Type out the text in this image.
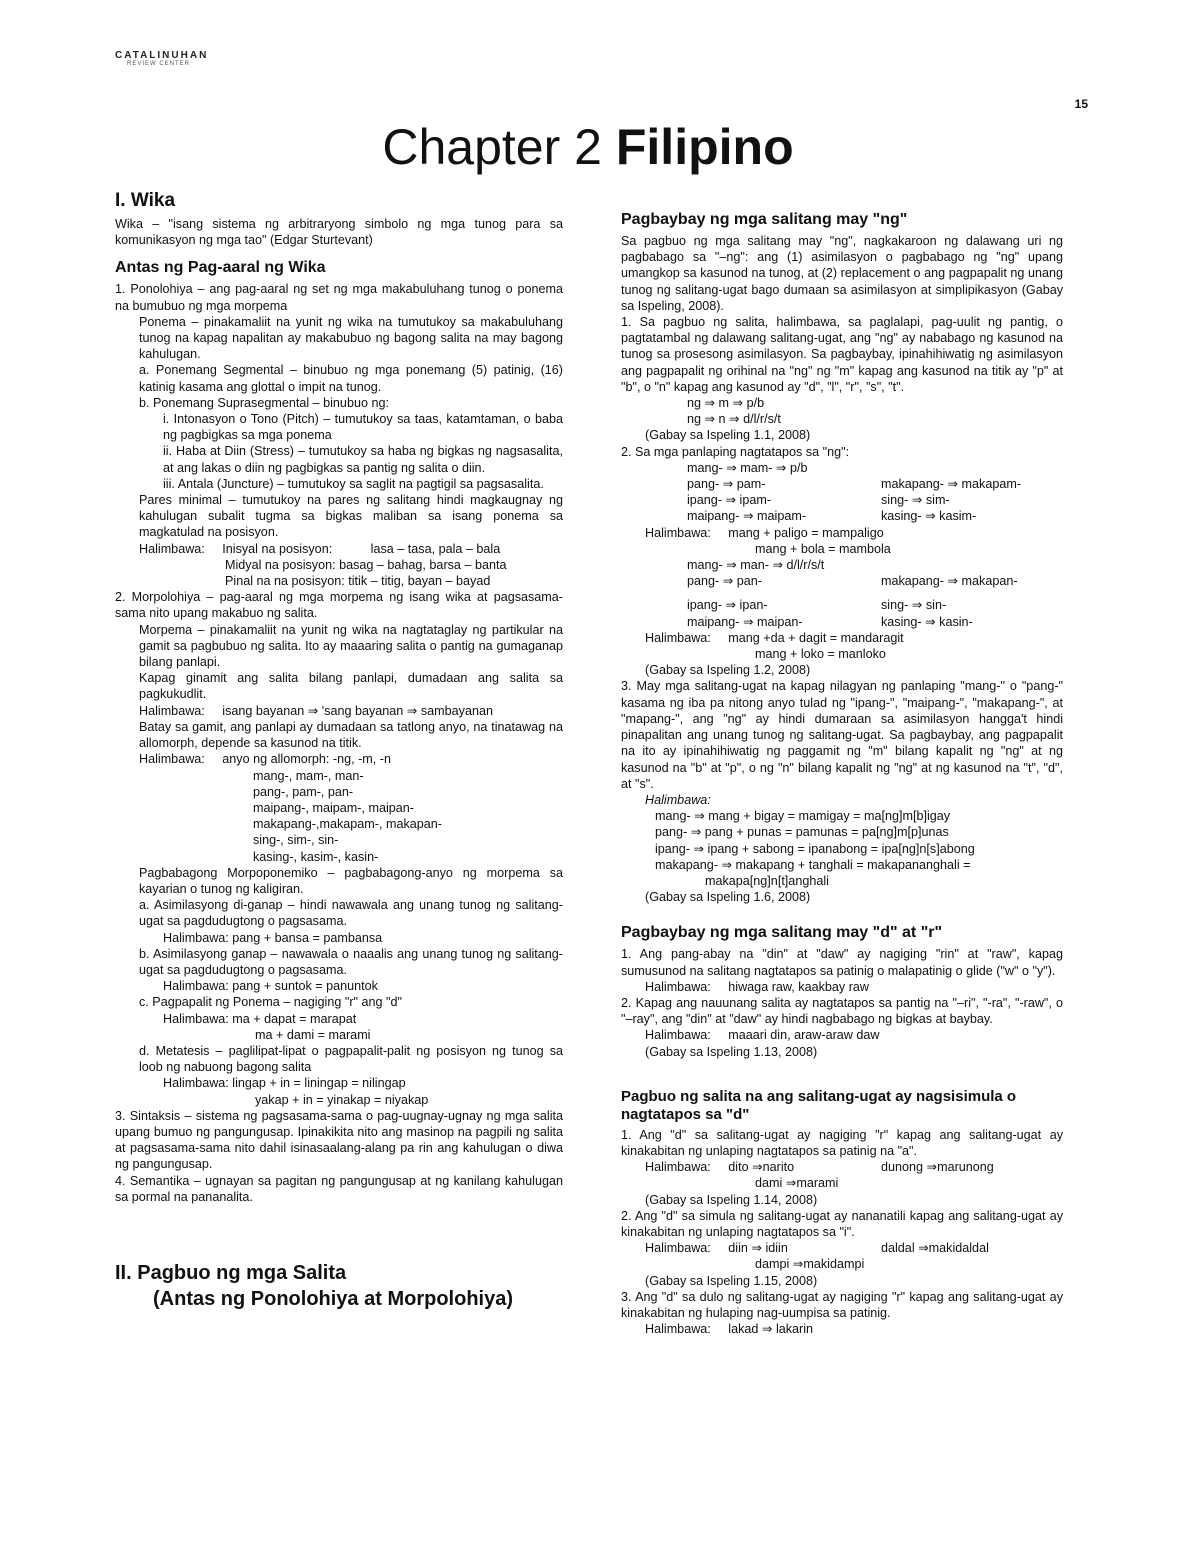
CATALINUHAN
REVIEW CENTER
15
Chapter 2 Filipino
I. Wika

Wika – "isang sistema ng arbitraryong simbolo ng mga tunog para sa komunikasyon ng mga tao" (Edgar Sturtevant)

Antas ng Pag-aaral ng Wika

1. Ponolohiya – ang pag-aaral ng set ng mga makabuluhang tunog o ponema na bumubuo ng mga morpema

Ponema – pinakamaliit na yunit ng wika na tumutukoy sa makabuluhang tunog na kapag napalitan ay makabubuo ng bagong salita na may bagong kahulugan.

a. Ponemang Segmental – binubuo ng mga ponemang (5) patinig, (16) katinig kasama ang glottal o impit na tunog.

b. Ponemang Suprasegmental – binubuo ng:

i. Intonasyon o Tono (Pitch) – tumutukoy sa taas, katamtaman, o baba ng pagbigkas sa mga ponema

ii. Haba at Diin (Stress) – tumutukoy sa haba ng bigkas ng nagsasalita, at ang lakas o diin ng pagbigkas sa pantig ng salita o diin.

iii. Antala (Juncture) – tumutukoy sa saglit na pagtigil sa pagsasalita.

Pares minimal – tumutukoy na pares ng salitang hindi magkaugnay ng kahulugan subalit tugma sa bigkas maliban sa isang ponema sa magkatulad na posisyon.

Halimbawa:     Inisyal na posisyon:           lasa – tasa, pala – bala

Midyal na posisyon: basag – bahag, barsa – banta

Pinal na na posisyon: titik – titig, bayan – bayad

2. Morpolohiya – pag-aaral ng mga morpema ng isang wika at pagsasama-sama nito upang makabuo ng salita.

Morpema – pinakamaliit na yunit ng wika na nagtataglay ng partikular na gamit sa pagbubuo ng salita. Ito ay maaaring salita o pantig na gumaganap bilang panlapi.

Kapag ginamit ang salita bilang panlapi, dumadaan ang salita sa pagkukudlit.

Halimbawa:     isang bayanan ⇒ 'sang bayanan ⇒ sambayanan

Batay sa gamit, ang panlapi ay dumadaan sa tatlong anyo, na tinatawag na allomorph, depende sa kasunod na titik.

Halimbawa:     anyo ng allomorph: -ng, -m, -n

mang-, mam-, man-

pang-, pam-, pan-

maipang-, maipam-, maipan-

makapang-,makapam-, makapan-

sing-, sim-, sin-

kasing-, kasim-, kasin-

Pagbabagong Morpoponemiko – pagbabagong-anyo ng morpema sa kayarian o tunog ng kaligiran.

a. Asimilasyong di-ganap – hindi nawawala ang unang tunog ng salitang-ugat sa pagdudugtong o pagsasama.

Halimbawa: pang + bansa = pambansa

b. Asimilasyong ganap – nawawala o naaalis ang unang tunog ng salitang-ugat sa pagdudugtong o pagsasama.

Halimbawa: pang + suntok = panuntok

c. Pagpapalit ng Ponema – nagiging "r" ang "d"

Halimbawa: ma + dapat = marapat

ma + dami = marami

d. Metatesis – paglilipat-lipat o pagpapalit-palit ng posisyon ng tunog sa loob ng nabuong bagong salita

Halimbawa: lingap + in = liningap = nilingap

yakap + in = yinakap = niyakap

3. Sintaksis – sistema ng pagsasama-sama o pag-uugnay-ugnay ng mga salita upang bumuo ng pangungusap. Ipinakikita nito ang masinop na pagpili ng salita at pagsasama-sama nito dahil isinasaalang-alang pa rin ang kahulugan o diwa ng pangungusap.

4. Semantika – ugnayan sa pagitan ng pangungusap at ng kanilang kahulugan sa pormal na pananalita.

II. Pagbuo ng mga Salita
(Antas ng Ponolohiya at Morpolohiya)
Pagbaybay ng mga salitang may "ng"

Sa pagbuo ng mga salitang may "ng", nagkakaroon ng dalawang uri ng pagbabago sa "–ng": ang (1) asimilasyon o pagbabago ng "ng" upang umangkop sa kasunod na tunog, at (2) replacement o ang pagpapalit ng unang tunog ng salitang-ugat bago dumaan sa asimilasyon at simplipikasyon (Gabay sa Ispeling, 2008).

1. Sa pagbuo ng salita, halimbawa, sa paglalapi, pag-uulit ng pantig, o pagtatambal ng dalawang salitang-ugat, ang "ng" ay nababago ng kasunod na tunog sa prosesong asimilasyon. Sa pagbaybay, ipinahihiwatig ng asimilasyon ang pagpapalit ng orihinal na "ng" ng "m" kapag ang kasunod na titik ay "p" at "b", o "n" kapag ang kasunod ay "d", "l", "r", "s", "t".

ng ⇒ m ⇒ p/b

ng ⇒ n ⇒ d/l/r/s/t

(Gabay sa Ispeling 1.1, 2008)

2. Sa mga panlaping nagtatapos sa "ng":

mang- ⇒ mam- ⇒ p/b

pang- ⇒ pam-	makapang- ⇒ makapam-

ipang- ⇒ ipam-	sing- ⇒ sim-

maipang- ⇒ maipam-	kasing- ⇒ kasim-

Halimbawa:     mang + paligo = mampaligo

mang + bola = mambola

mang- ⇒ man- ⇒ d/l/r/s/t

pang- ⇒ pan-	makapang- ⇒ makapan-

ipang- ⇒ ipan-	sing- ⇒ sin-

maipang- ⇒ maipan-	kasing- ⇒ kasin-

Halimbawa:     mang +da + dagit = mandaragit

mang + loko = manloko

(Gabay sa Ispeling 1.2, 2008)

3. May mga salitang-ugat na kapag nilagyan ng panlaping "mang-" o "pang-" kasama ng iba pa nitong anyo tulad ng "ipang-", "maipang-", "makapang-", at "mapang-", ang "ng" ay hindi dumaraan sa asimilasyon hangga't hindi pinapalitan ang unang tunog ng salitang-ugat. Sa pagbaybay, ang pagpapalit na ito ay ipinahihiwatig ng paggamit ng "m" bilang kapalit ng "ng" at ng kasunod na "b" at "p", o ng "n" bilang kapalit ng "ng" at ng kasunod na "t", "d", at "s".

Halimbawa:

mang- ⇒ mang + bigay = mamigay = ma[ng]m[b]igay

pang- ⇒ pang + punas = pamunas = pa[ng]m[p]unas

ipang- ⇒ ipang + sabong = ipanabong = ipa[ng]n[s]abong

makapang- ⇒ makapang + tanghali = makapananghali =

makapa[ng]n[t]anghali

(Gabay sa Ispeling 1.6, 2008)

Pagbaybay ng mga salitang may "d" at "r"

1. Ang pang-abay na "din" at "daw" ay nagiging "rin" at "raw", kapag sumusunod na salitang nagtatapos sa patinig o malapatinig o glide ("w" o "y").

Halimbawa:     hiwaga raw, kaakbay raw

2. Kapag ang nauunang salita ay nagtatapos sa pantig na "–ri", "-ra", "-raw", o "–ray", ang "din" at "daw" ay hindi nagbabago ng bigkas at baybay.

Halimbawa:     maaari din, araw-araw daw

(Gabay sa Ispeling 1.13, 2008)

Pagbuo ng salita na ang salitang-ugat ay nagsisimula o nagtatapos sa "d"

1. Ang "d" sa salitang-ugat ay nagiging "r" kapag ang salitang-ugat ay kinakabitan ng unlaping nagtatapos sa patinig na "a".

Halimbawa:     dito ⇒narito	dunong ⇒marunong

dami ⇒marami

(Gabay sa Ispeling 1.14, 2008)

2. Ang "d" sa simula ng salitang-ugat ay nananatili kapag ang salitang-ugat ay kinakabitan ng unlaping nagtatapos sa "i".

Halimbawa:     diin ⇒ idiin	daldal ⇒makidaldal

dampi ⇒makidampi

(Gabay sa Ispeling 1.15, 2008)

3. Ang "d" sa dulo ng salitang-ugat ay nagiging "r" kapag ang salitang-ugat ay kinakabitan ng hulaping nag-uumpisa sa patinig.

Halimbawa:     lakad ⇒ lakarin
